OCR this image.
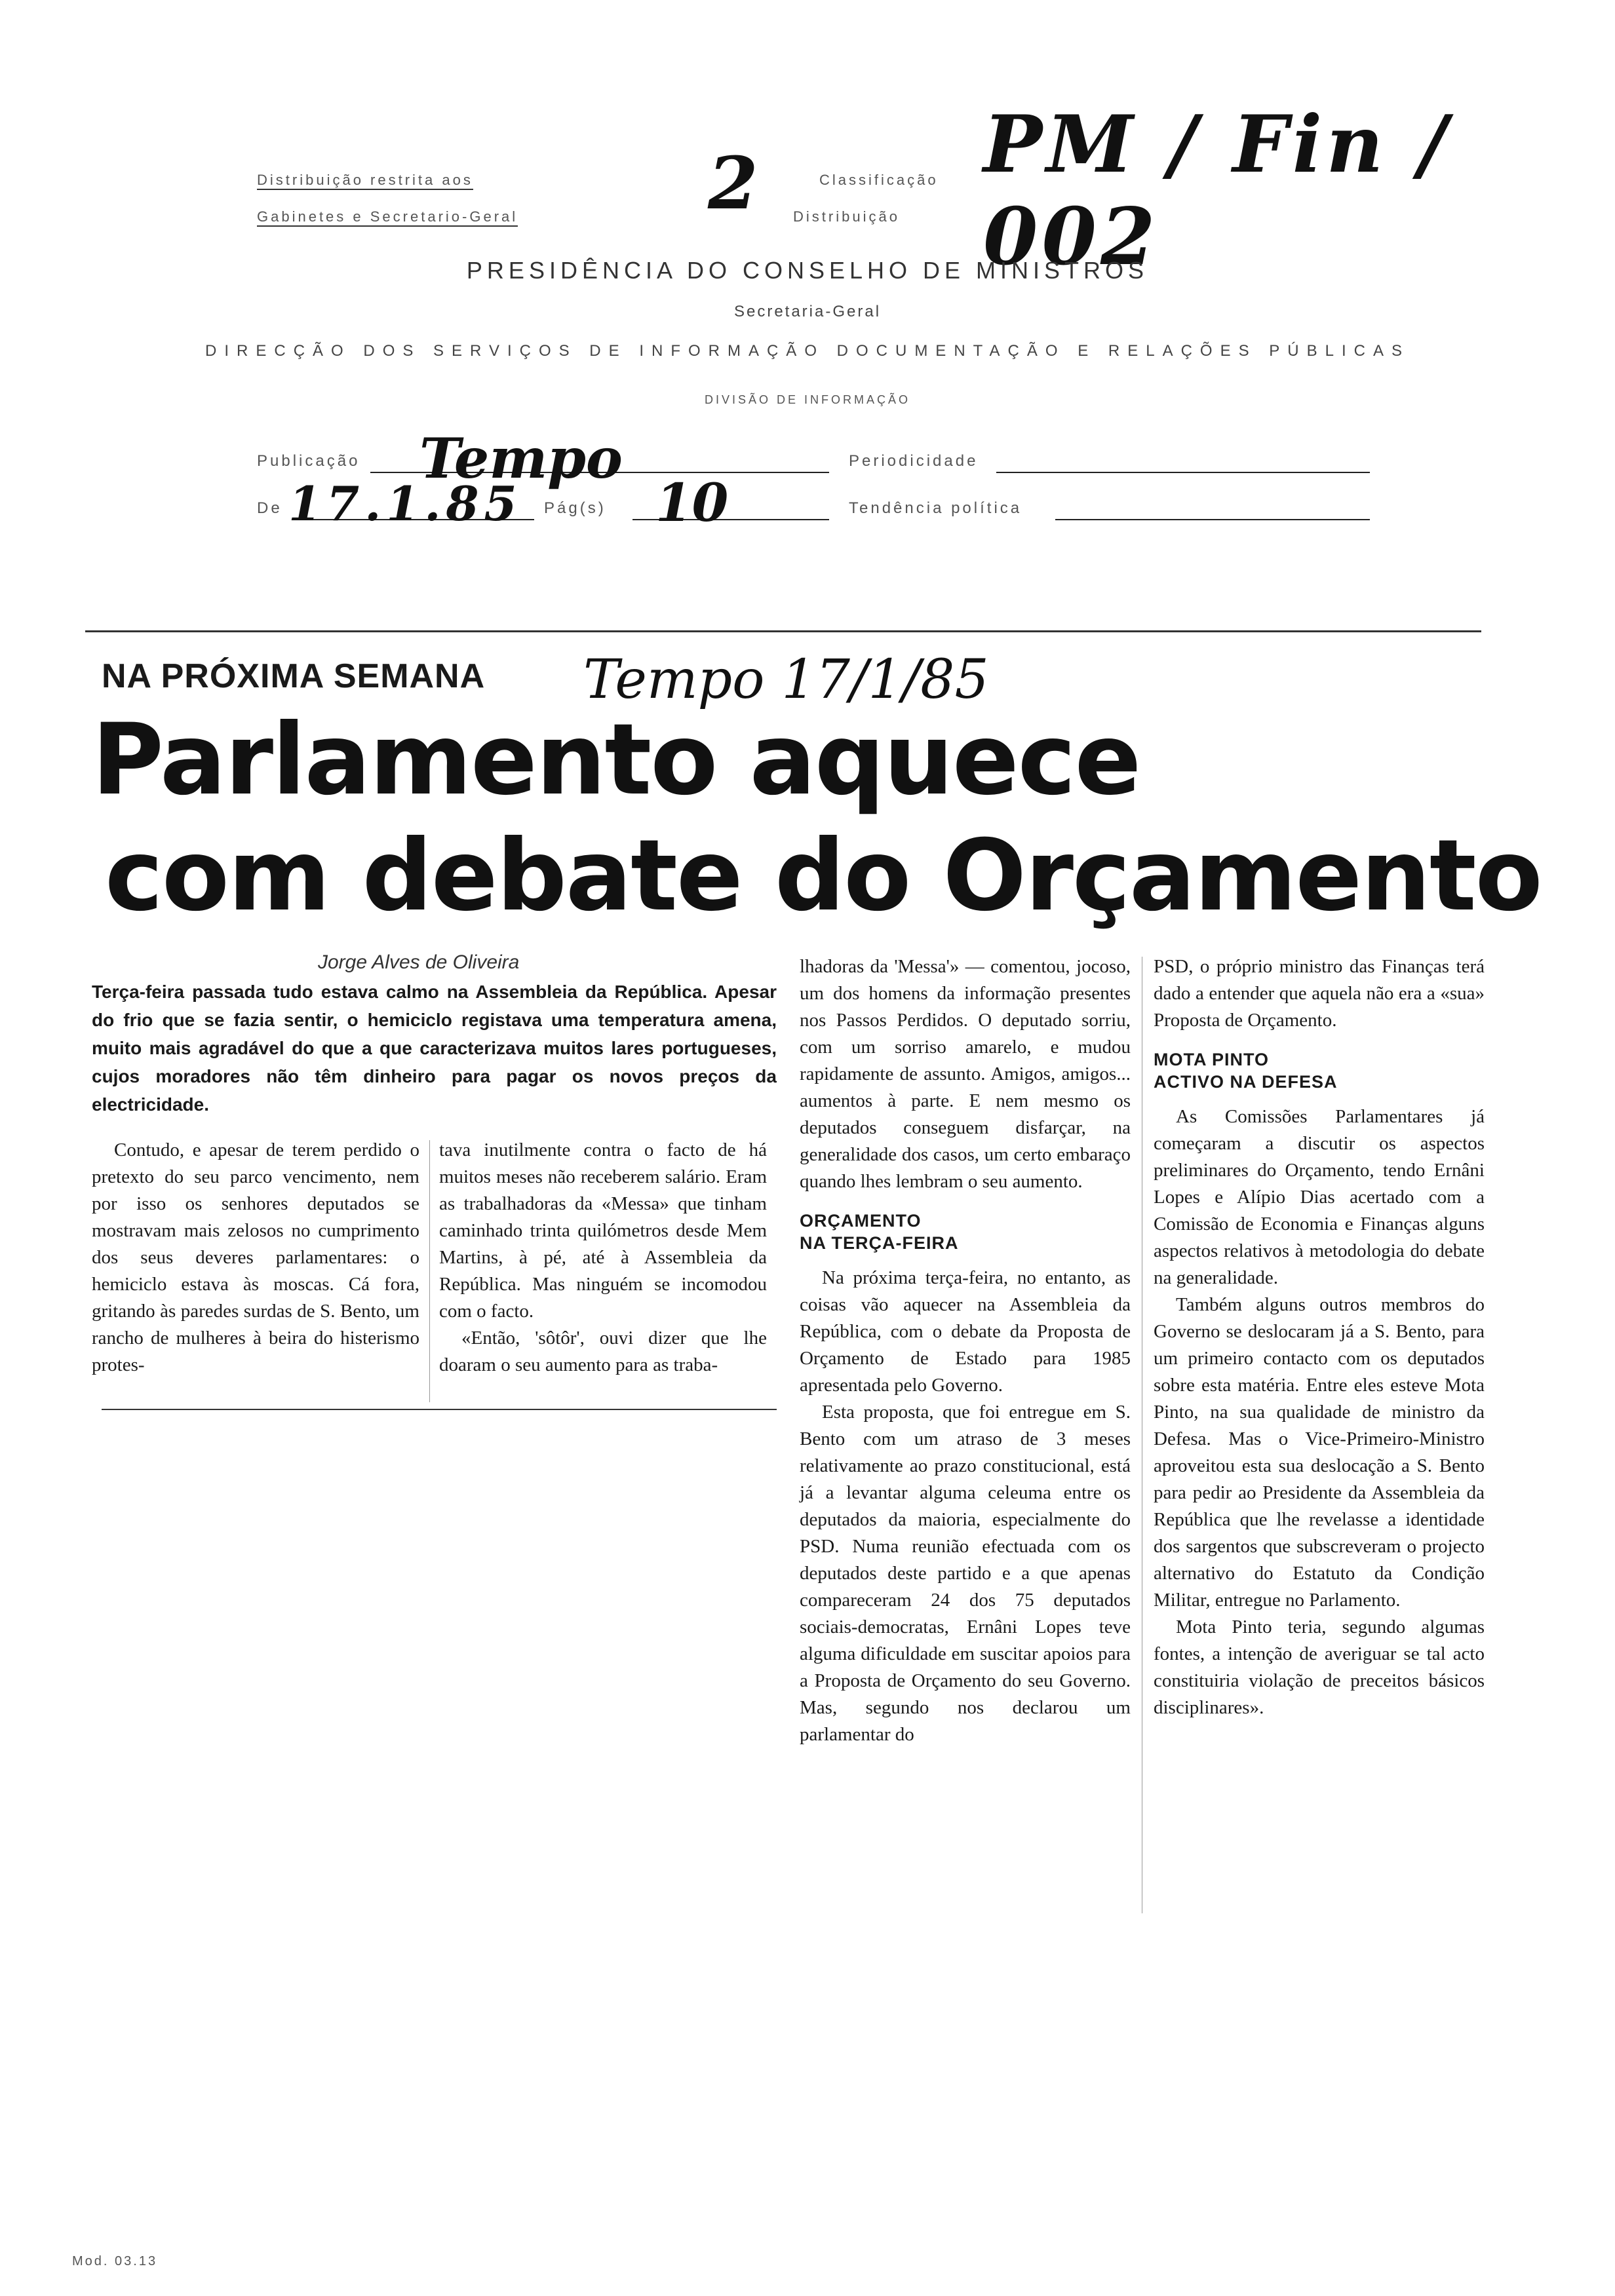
Distribuição restrita aos
Gabinetes e Secretario-Geral	2	Classificação
Distribuição
PM / Fin / 002
PRESIDÊNCIA DO CONSELHO DE MINISTROS
Secretaria-Geral
DIRECÇÃO DOS SERVIÇOS DE INFORMAÇÃO DOCUMENTAÇÃO E RELAÇÕES PÚBLICAS
DIVISÃO DE INFORMAÇÃO
Publicação Tempo	Periodicidade
De 17.1.85 Pág(s) 10	Tendência política
NA PRÓXIMA SEMANA Tempo 17/1/85
Parlamento aquece
com debate do Orçamento
Jorge Alves de Oliveira
Terça-feira passada tudo estava calmo na Assembleia da República. Apesar do frio que se fazia sentir, o hemiciclo registava uma temperatura amena, muito mais agradável do que a que caracterizava muitos lares portugueses, cujos moradores não têm dinheiro para pagar os novos preços da electricidade.

Contudo, e apesar de terem perdido o pretexto do seu parco vencimento, nem por isso os senhores deputados se mostravam mais zelosos no cumprimento dos seus deveres parlamentares: o hemiciclo estava às moscas. Cá fora, gritando às paredes surdas de S. Bento, um rancho de mulheres à beira do histerismo protes-

tava inutilmente contra o facto de há muitos meses não receberem salário. Eram as trabalhadoras da «Messa» que tinham caminhado trinta quilómetros desde Mem Martins, à pé, até à Assembleia da República. Mas ninguém se incomodou com o facto.

«Então, 'sôtôr', ouvi dizer que lhe doaram o seu aumento para as traba-

lhadoras da 'Messa'» — comentou, jocoso, um dos homens da informação presentes nos Passos Perdidos. O deputado sorriu, com um sorriso amarelo, e mudou rapidamente de assunto. Amigos, amigos... aumentos à parte. E nem mesmo os deputados conseguem disfarçar, na generalidade dos casos, um certo embaraço quando lhes lembram o seu aumento.

ORÇAMENTO
NA TERÇA-FEIRA

Na próxima terça-feira, no entanto, as coisas vão aquecer na Assembleia da República, com o debate da Proposta de Orçamento de Estado para 1985 apresentada pelo Governo.

Esta proposta, que foi entregue em S. Bento com um atraso de 3 meses relativamente ao prazo constitucional, está já a levantar alguma celeuma entre os deputados da maioria, especialmente do PSD. Numa reunião efectuada com os deputados deste partido e a que apenas compareceram 24 dos 75 deputados sociais-democratas, Ernâni Lopes teve alguma dificuldade em suscitar apoios para a Proposta de Orçamento do seu Governo. Mas, segundo nos declarou um parlamentar do

PSD, o próprio ministro das Finanças terá dado a entender que aquela não era a «sua» Proposta de Orçamento.

MOTA PINTO
ACTIVO NA DEFESA

As Comissões Parlamentares já começaram a discutir os aspectos preliminares do Orçamento, tendo Ernâni Lopes e Alípio Dias acertado com a Comissão de Economia e Finanças alguns aspectos relativos à metodologia do debate na generalidade.

Também alguns outros membros do Governo se deslocaram já a S. Bento, para um primeiro contacto com os deputados sobre esta matéria. Entre eles esteve Mota Pinto, na sua qualidade de ministro da Defesa. Mas o Vice-Primeiro-Ministro aproveitou esta sua deslocação a S. Bento para pedir ao Presidente da Assembleia da República que lhe revelasse a identidade dos sargentos que subscreveram o projecto alternativo do Estatuto da Condição Militar, entregue no Parlamento.

Mota Pinto teria, segundo algumas fontes, a intenção de averiguar se tal acto constituiria violação de preceitos básicos disciplinares».

Mod. 03.13
